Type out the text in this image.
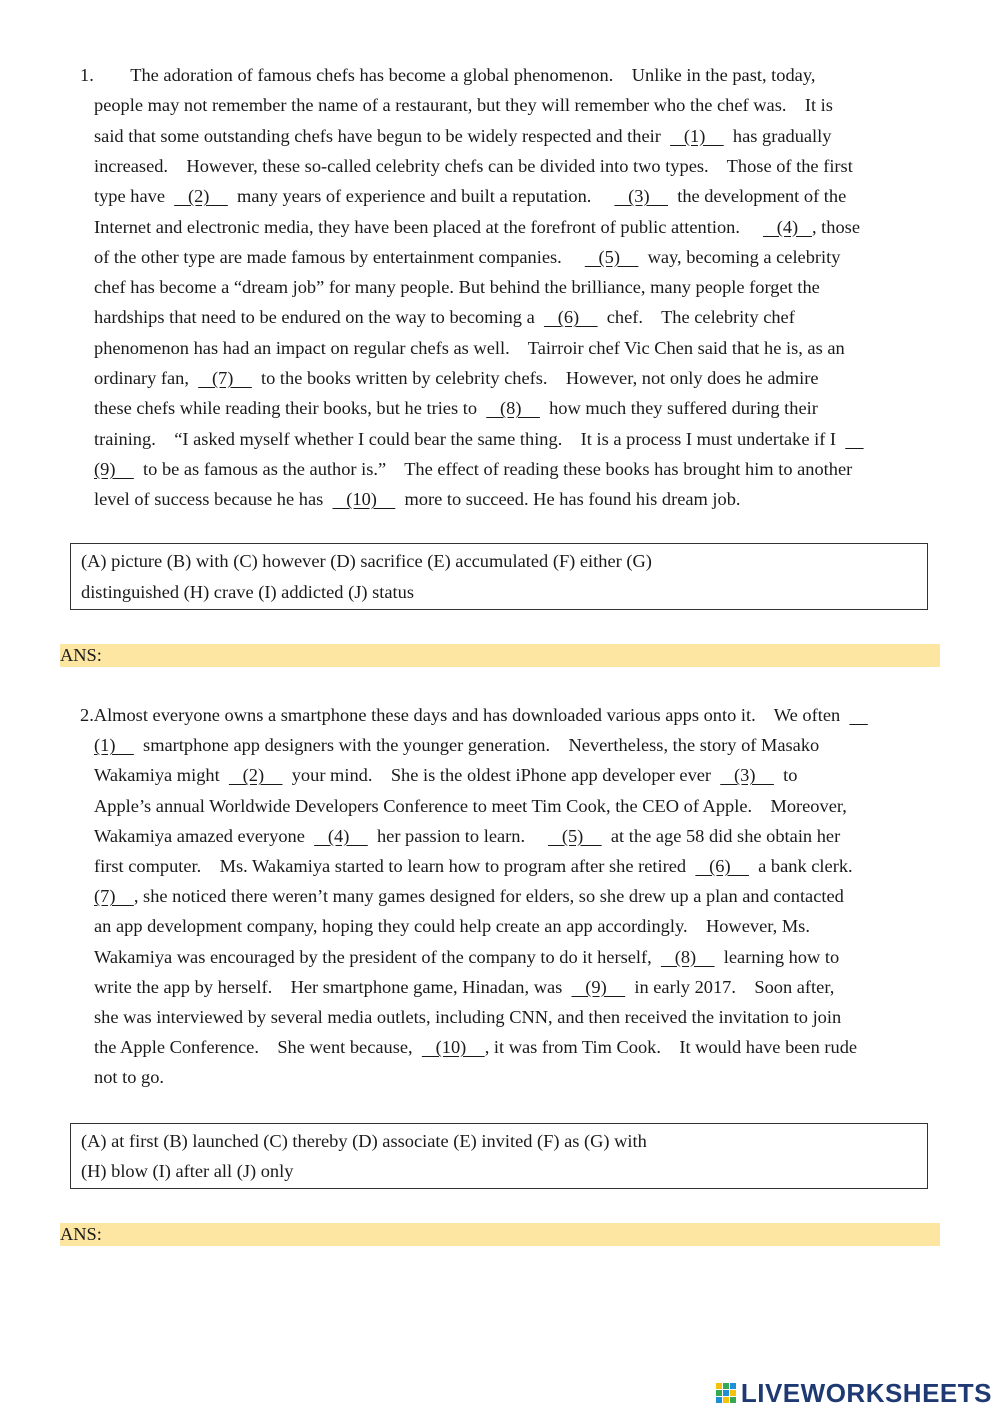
1.        The adoration of famous chefs has become a global phenomenon.    Unlike in the past, today,
people may not remember the name of a restaurant, but they will remember who the chef was.    It is
said that some outstanding chefs have begun to be widely respected and their     (1)      has gradually
increased.    However, these so-called celebrity chefs can be divided into two types.    Those of the first
type have     (2)      many years of experience and built a reputation.        (3)      the development of the
Internet and electronic media, they have been placed at the forefront of public attention.        (4)   , those
of the other type are made famous by entertainment companies.        (5)      way, becoming a celebrity
chef has become a “dream job” for many people. But behind the brilliance, many people forget the
hardships that need to be endured on the way to becoming a     (6)      chef.    The celebrity chef
phenomenon has had an impact on regular chefs as well.    Tairroir chef Vic Chen said that he is, as an
ordinary fan,     (7)      to the books written by celebrity chefs.    However, not only does he admire
these chefs while reading their books, but he tries to     (8)      how much they suffered during their
training.    “I asked myself whether I could bear the same thing.    It is a process I must undertake if I
(9)      to be as famous as the author is.”    The effect of reading these books has brought him to another
level of success because he has     (10)      more to succeed. He has found his dream job.
(A) picture (B) with (C) however (D) sacrifice (E) accumulated (F) either (G)
distinguished (H) crave (I) addicted (J) status
ANS:
2.Almost everyone owns a smartphone these days and has downloaded various apps onto it.    We often
(1)      smartphone app designers with the younger generation.    Nevertheless, the story of Masako
Wakamiya might     (2)      your mind.    She is the oldest iPhone app developer ever     (3)      to
Apple’s annual Worldwide Developers Conference to meet Tim Cook, the CEO of Apple.    Moreover,
Wakamiya amazed everyone     (4)      her passion to learn.        (5)      at the age 58 did she obtain her
first computer.    Ms. Wakamiya started to learn how to program after she retired     (6)      a bank clerk.
(7)    , she noticed there weren’t many games designed for elders, so she drew up a plan and contacted
an app development company, hoping they could help create an app accordingly.    However, Ms.
Wakamiya was encouraged by the president of the company to do it herself,     (8)      learning how to
write the app by herself.    Her smartphone game, Hinadan, was     (9)      in early 2017.    Soon after,
she was interviewed by several media outlets, including CNN, and then received the invitation to join
the Apple Conference.    She went because,     (10)    , it was from Tim Cook.    It would have been rude
not to go.
(A) at first (B) launched (C) thereby (D) associate (E) invited (F) as (G) with
(H) blow (I) after all (J) only
ANS:
LIVEWORKSHEETS
